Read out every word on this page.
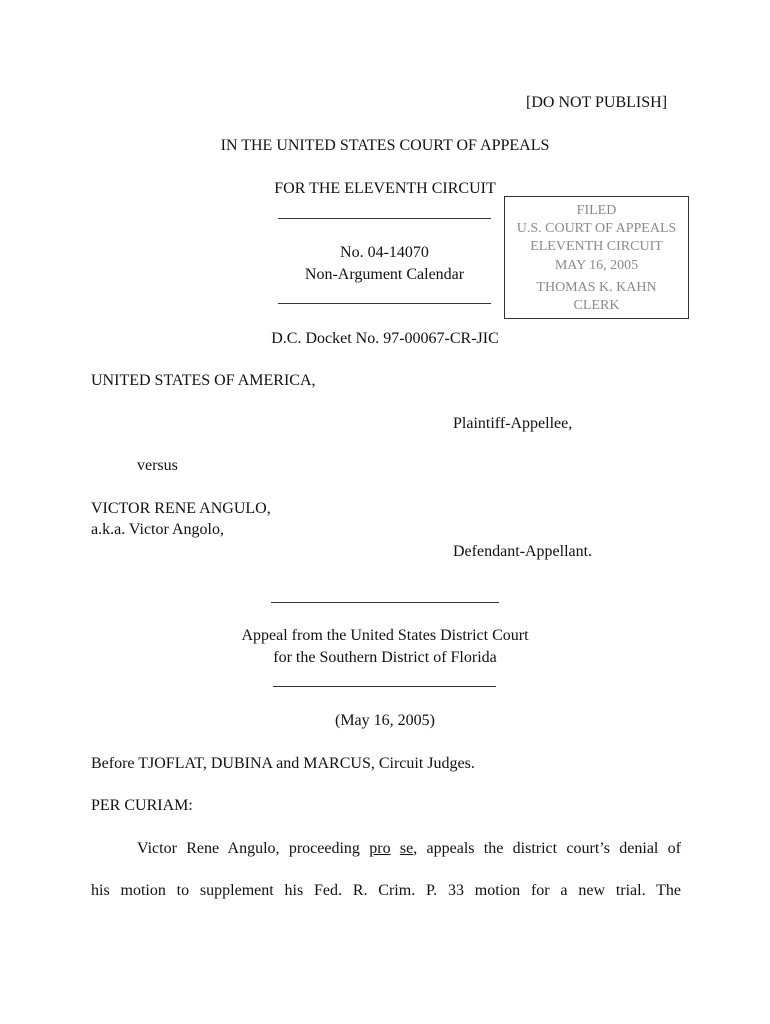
[DO NOT PUBLISH]
IN THE UNITED STATES COURT OF APPEALS
FOR THE ELEVENTH CIRCUIT
No. 04-14070
Non-Argument Calendar
FILED
U.S. COURT OF APPEALS
ELEVENTH CIRCUIT
MAY 16, 2005
THOMAS K. KAHN
CLERK
D.C. Docket No. 97-00067-CR-JIC
UNITED STATES OF AMERICA,
Plaintiff-Appellee,
versus
VICTOR RENE ANGULO,
a.k.a. Victor Angolo,
Defendant-Appellant.
Appeal from the United States District Court
for the Southern District of Florida
(May 16, 2005)
Before TJOFLAT, DUBINA and MARCUS, Circuit Judges.
PER CURIAM:
Victor Rene Angulo, proceeding pro se, appeals the district court’s denial of
his motion to supplement his Fed. R. Crim. P. 33 motion for a new trial. The
